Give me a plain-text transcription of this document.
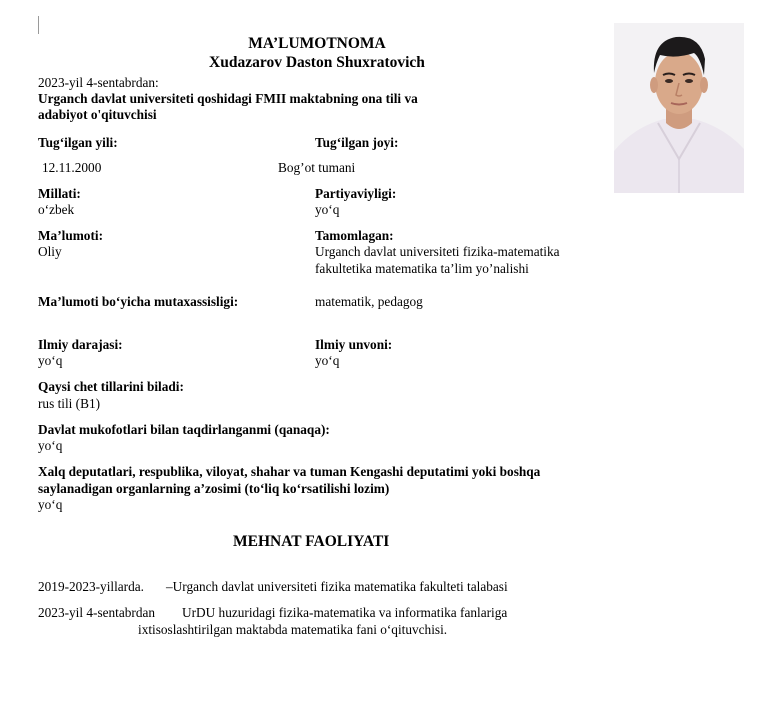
MA’LUMOTNOMA
Xudazarov Daston Shuxratovich
2023-yil 4-sentabrdan:
Urganch davlat universiteti qoshidagi FMII maktabning ona tili va
adabiyot o'qituvchisi
Tug‘ilgan yili:	Tug‘ilgan joyi:
12.11.2000	Bog’ot tumani
Millati:	Partiyaviyligi:
o‘zbek	yo‘q
Ma’lumoti:	Tamomlagan:
Oliy	Urganch davlat universiteti fizika-matematika
fakultetika matematika ta’lim yo’nalishi
Ma’lumoti bo‘yicha mutaxassisligi:	matematik, pedagog
Ilmiy darajasi:	Ilmiy unvoni:
yo‘q	yo‘q
Qaysi chet tillarini biladi:
rus tili (B1)
Davlat mukofotlari bilan taqdirlanganmi (qanaqa):
yo‘q
Xalq deputatlari, respublika, viloyat, shahar va tuman Kengashi deputatimi yoki boshqa
saylanadigan organlarning a’zosimi (to‘liq ko‘rsatilishi lozim)
yo‘q
MEHNAT FAOLIYATI
2019-2023-yillarda. –Urganch davlat universiteti fizika matematika fakulteti talabasi
2023-yil 4-sentabrdan UrDU huzuridagi fizika-matematika va informatika fanlariga
ixtisoslashtirilgan maktabda matematika fani o‘qituvchisi.
